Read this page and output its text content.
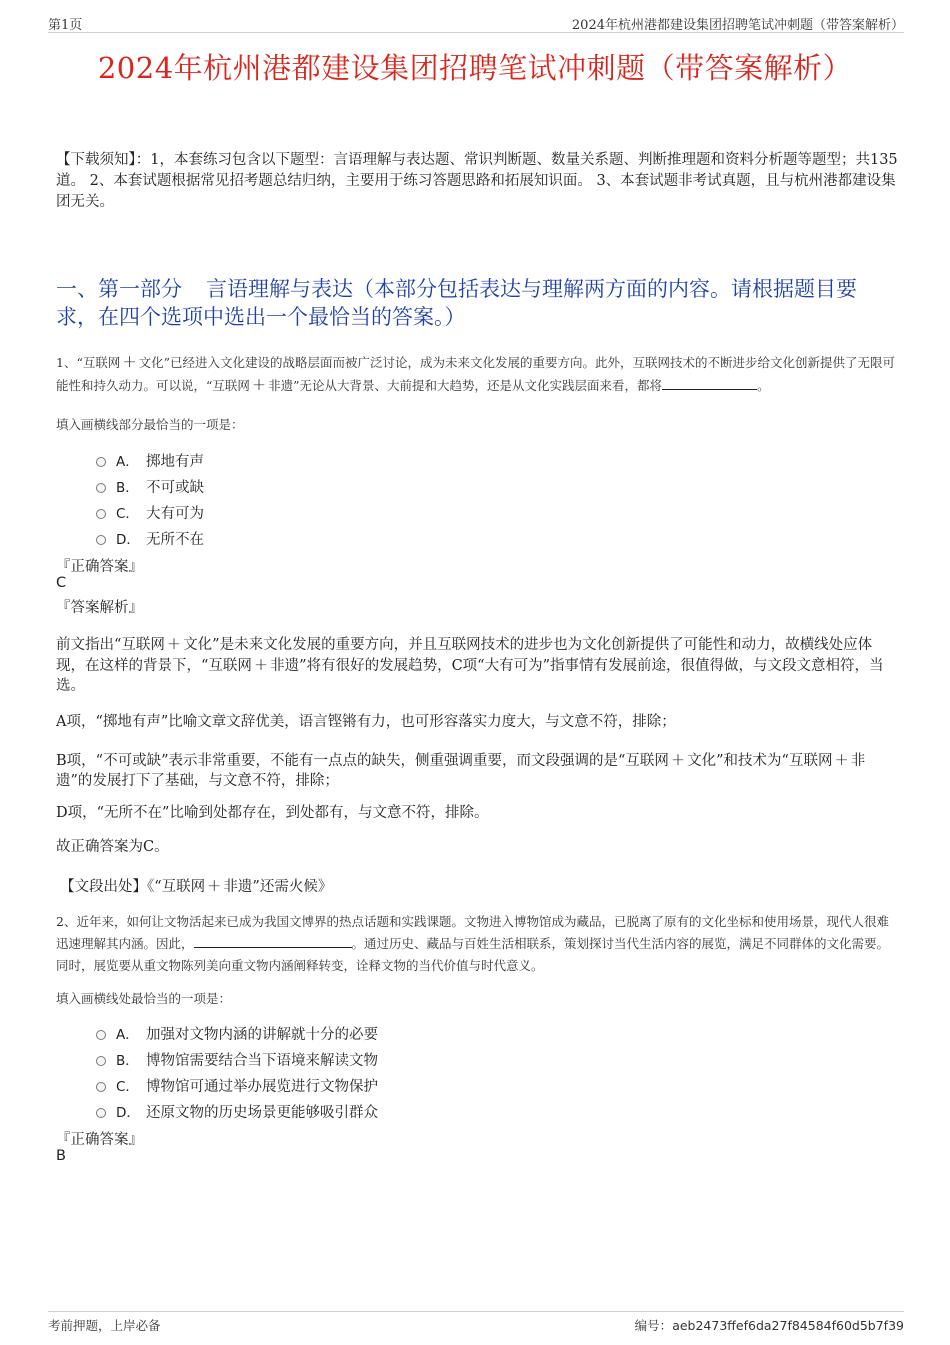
第1页	2024年杭州港都建设集团招聘笔试冲刺题（带答案解析）
2024年杭州港都建设集团招聘笔试冲刺题（带答案解析）
【下载须知】：1，本套练习包含以下题型：言语理解与表达题、常识判断题、数量关系题、判断推理题和资料分析题等题型；共135道。 2、本套试题根据常见招考题总结归纳，主要用于练习答题思路和拓展知识面。 3、本套试题非考试真题，且与杭州港都建设集团无关。
一、第一部分 言语理解与表达（本部分包括表达与理解两方面的内容。请根据题目要求，在四个选项中选出一个最恰当的答案。）
1、“互联网 + 文化”已经进入文化建设的战略层面而被广泛讨论，成为未来文化发展的重要方向。此外，互联网技术的不断进步给文化创新提供了无限可能性和持久动力。可以说，“互联网 + 非遗”无论从大背景、大前提和大趋势，还是从文化实践层面来看，都将	。
填入画横线部分最恰当的一项是：
A． 掷地有声
B． 不可或缺
C． 大有可为
D． 无所不在
『正确答案』
C
『答案解析』
前文指出“互联网 + 文化”是未来文化发展的重要方向，并且互联网技术的进步也为文化创新提供了可能性和动力，故横线处应体现，在这样的背景下，“互联网 + 非遗”将有很好的发展趋势，C项“大有可为”指事情有发展前途，很值得做，与文段文意相符，当选。
A项，“掷地有声”比喻文章文辞优美，语言铿锵有力，也可形容落实力度大，与文意不符，排除；
B项，“不可或缺”表示非常重要，不能有一点点的缺失，侧重强调重要，而文段强调的是“互联网 + 文化”和技术为“互联网 + 非遗”的发展打下了基础，与文意不符，排除；
D项，“无所不在”比喻到处都存在，到处都有，与文意不符，排除。
故正确答案为C。
【文段出处】《“互联网 + 非遗”还需火候》
2、近年来，如何让文物活起来已成为我国文博界的热点话题和实践课题。文物进入博物馆成为藏品，已脱离了原有的文化坐标和使用场景，现代人很难迅速理解其内涵。因此，	。通过历史、藏品与百姓生活相联系，策划探讨当代生活内容的展览，满足不同群体的文化需要。同时，展览要从重文物陈列美向重文物内涵阐释转变，诠释文物的当代价值与时代意义。
填入画横线处最恰当的一项是：
A． 加强对文物内涵的讲解就十分的必要
B． 博物馆需要结合当下语境来解读文物
C． 博物馆可通过举办展览进行文物保护
D． 还原文物的历史场景更能够吸引群众
『正确答案』
B
考前押题，上岸必备	编号：aeb2473ffef6da27f84584f60d5b7f39
